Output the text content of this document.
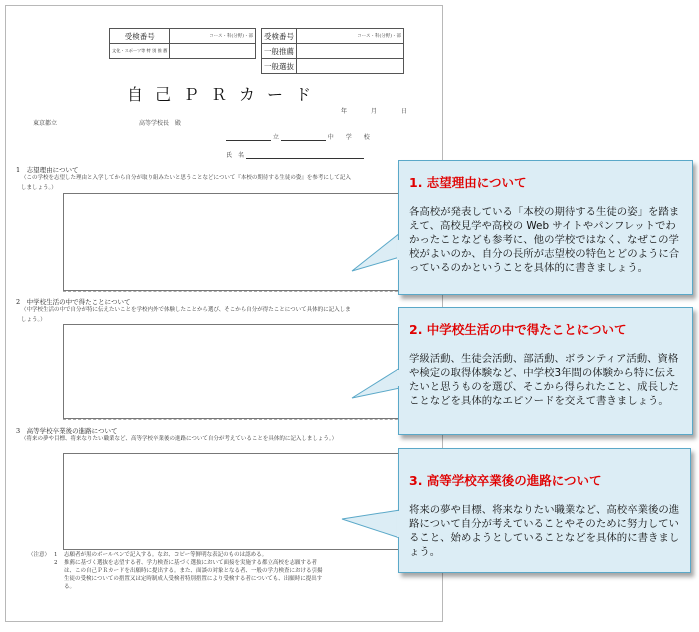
受検番号	コース・科(分野)・部
文化・スポーツ等 特 別 推 薦	
受検番号	コース・科(分野)・部
一般推薦	
一般選抜	
自己ＰＲカード
年　　月　　日
東京都立	高等学校長　殿
立	中　学　校
氏　名
1　志望理由について
（この学校を志望した理由と入学してから自分が取り組みたいと思うことなどについて『本校の期待する生徒の姿』を参考にして記入しましょう。）
2　中学校生活の中で得たことについて
（中学校生活の中で自分が特に伝えたいことを学校内外で体験したことから選び、そこから自分が得たことについて具体的に記入しましょう。）
3　高等学校卒業後の進路について
（将来の夢や目標、将来なりたい職業など、高等学校卒業後の進路について自分が考えていることを具体的に記入しましょう。）
（注意） 1	志願者が黒のボールペンで記入する。なお、コピー等鮮明な表記のものは認める。
2	推薦に基づく選抜を志望する者、学力検査に基づく選抜において面接を実施する都立高校を志願する者は、この自己ＰＲカードを出願時に提出する。また、面談の対象となる者、一般の学力検査における引揚生徒の受検についての措置又は定時制成人受検者特別措置により受検する者についても、出願時に提出する。
1. 志望理由について
各高校が発表している「本校の期待する生徒の姿」を踏まえて、高校見学や高校の Web サイトやパンフレットでわかったことなども参考に、他の学校ではなく、なぜこの学校がよいのか、自分の長所が志望校の特色とどのように合っているのかということを具体的に書きましょう。
2. 中学校生活の中で得たことについて
学級活動、生徒会活動、部活動、ボランティア活動、資格や検定の取得体験など、中学校3年間の体験から特に伝えたいと思うものを選び、そこから得られたこと、成長したことなどを具体的なエピソードを交えて書きましょう。
3. 高等学校卒業後の進路について
将来の夢や目標、将来なりたい職業など、高校卒業後の進路について自分が考えていることやそのために努力していること、始めようとしていることなどを具体的に書きましょう。
